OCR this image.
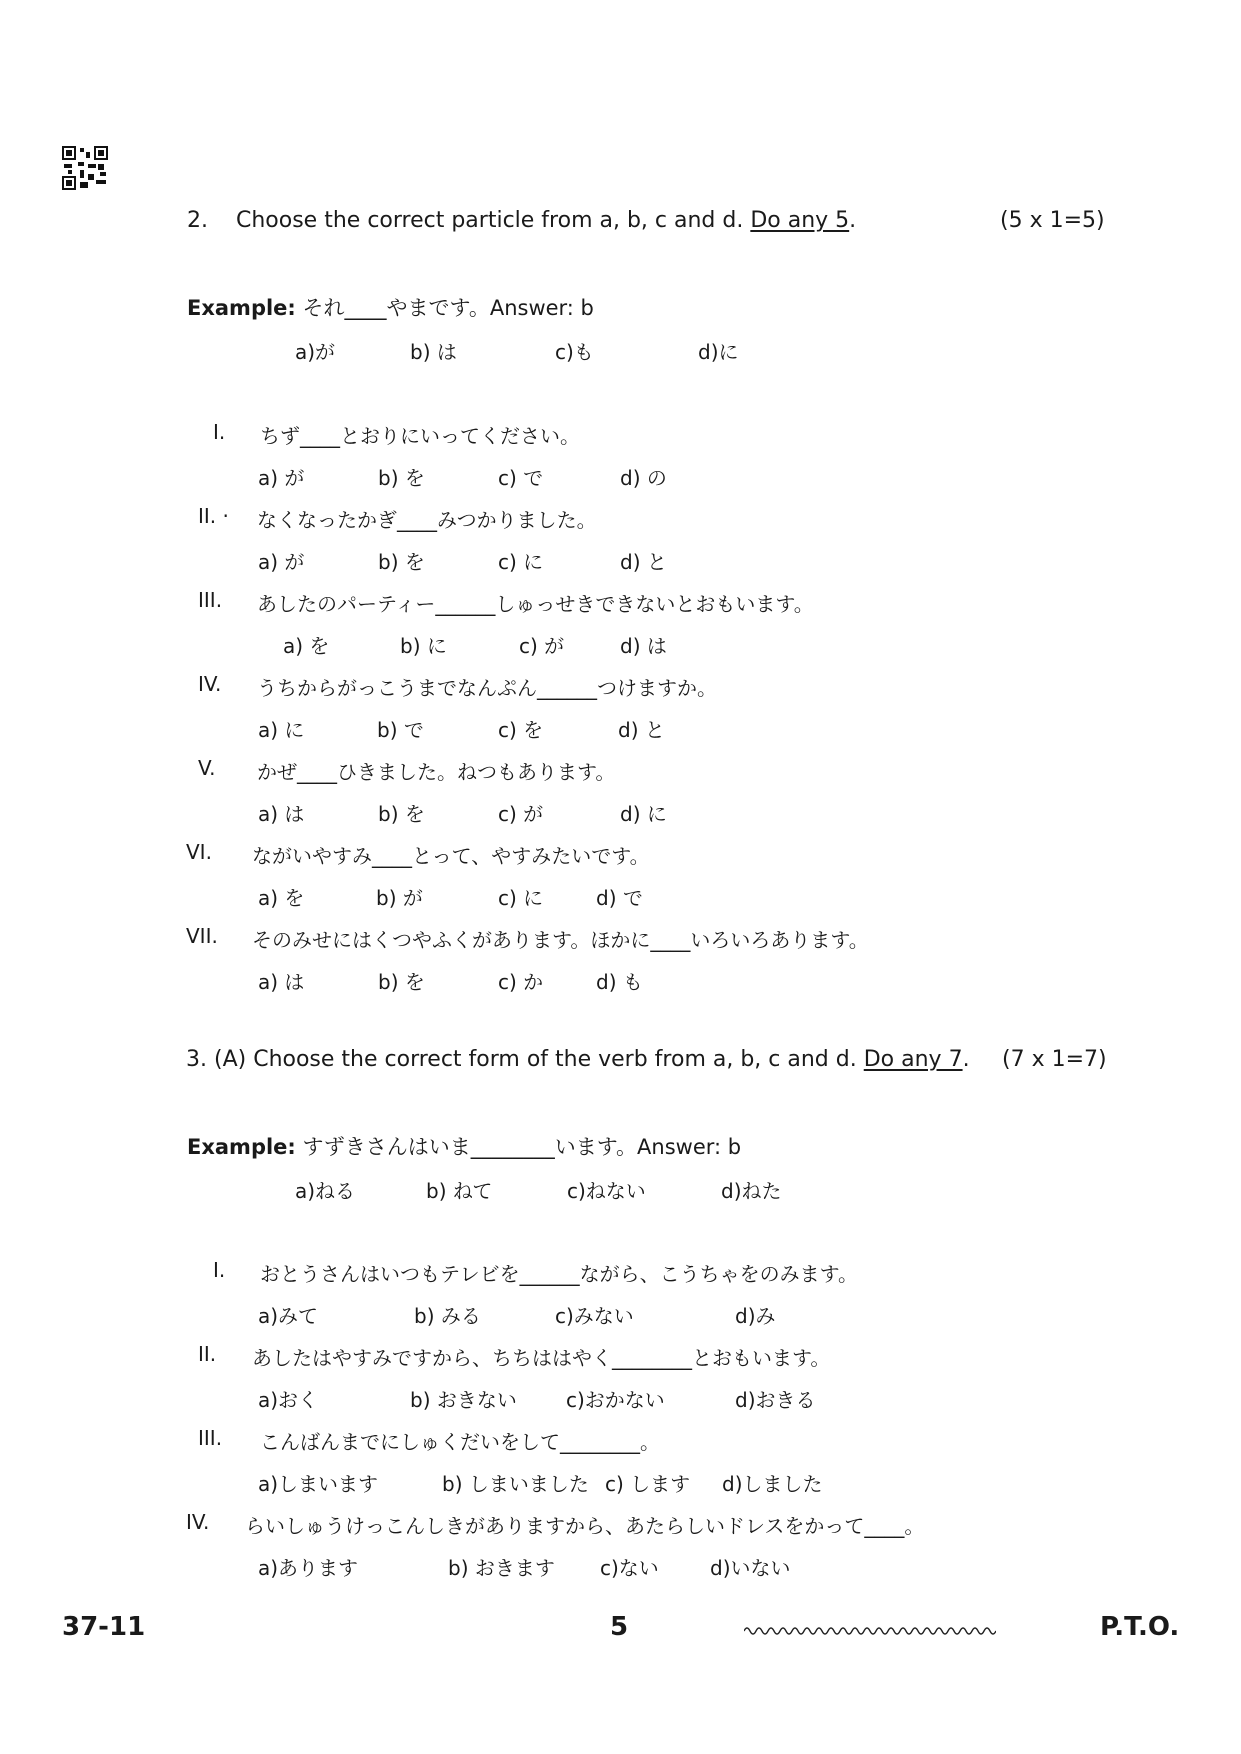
2. Choose the correct particle from a, b, c and d. Do any 5.	(5 x 1=5)
Example: それ____やまです。Answer: b
a)が	b) は	c)も	d)に
I. ちず____とおりにいってください。
a) が	b) を	c) で	d) の
II. · なくなったかぎ____みつかりました。
a) が	b) を	c) に	d) と
III. あしたのパーティー______しゅっせきできないとおもいます。
a) を	b) に	c) が	d) は
IV. うちからがっこうまでなんぷん______つけますか。
a) に	b) で	c) を	d) と
V. かぜ____ひきました。ねつもあります。
a) は	b) を	c) が	d) に
VI. ながいやすみ____とって、やすみたいです。
a) を	b) が	c) に	d) で
VII. そのみせにはくつやふくがあります。ほかに____いろいろあります。
a) は	b) を	c) か	d) も
3. (A) Choose the correct form of the verb from a, b, c and d. Do any 7. (7 x 1=7)
Example: すずきさんはいま________います。Answer: b
a)ねる	b) ねて	c)ねない	d)ねた
I. おとうさんはいつもテレビを______ながら、こうちゃをのみます。
a)みて	b) みる	c)みない	d)み
II. あしたはやすみですから、ちちははやく________とおもいます。
a)おく	b) おきない c)おかない	d)おきる
III. こんばんまでにしゅくだいをして________。
a)しまいます	b) しまいました c) します d)しました
IV. らいしゅうけっこんしきがありますから、あたらしいドレスをかって____。
a)あります	b) おきます c)ない	d)いない
37-11	5	P.T.O.
